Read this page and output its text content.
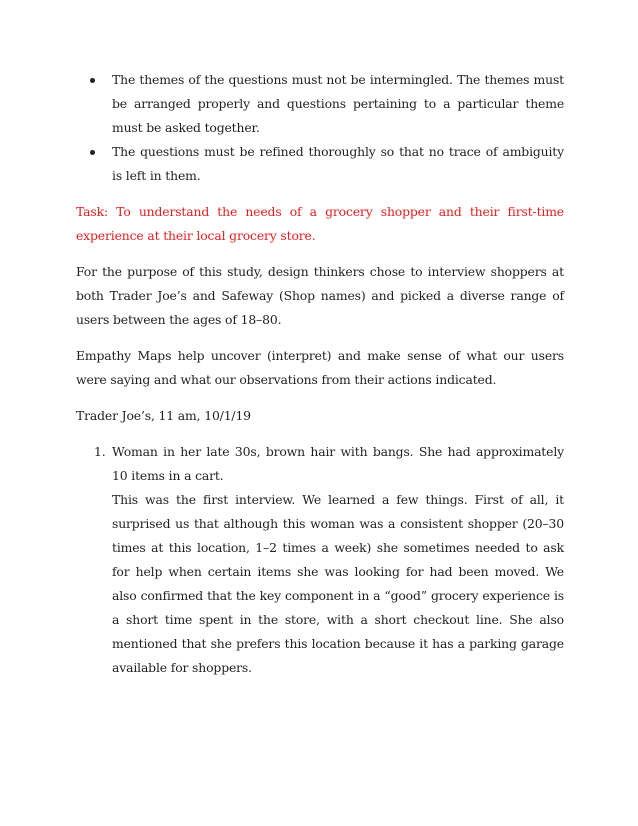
The themes of the questions must not be intermingled. The themes must be arranged properly and questions pertaining to a particular theme must be asked together.
The questions must be refined thoroughly so that no trace of ambiguity is left in them.

Task: To understand the needs of a grocery shopper and their first-time experience at their local grocery store.

For the purpose of this study, design thinkers chose to interview shoppers at both Trader Joe’s and Safeway (Shop names) and picked a diverse range of users between the ages of 18–80.

Empathy Maps help uncover (interpret) and make sense of what our users were saying and what our observations from their actions indicated.

Trader Joe’s, 11 am, 10/1/19

1. Woman in her late 30s, brown hair with bangs. She had approximately 10 items in a cart.

This was the first interview. We learned a few things. First of all, it surprised us that although this woman was a consistent shopper (20–30 times at this location, 1–2 times a week) she sometimes needed to ask for help when certain items she was looking for had been moved. We also confirmed that the key component in a “good” grocery experience is a short time spent in the store, with a short checkout line. She also mentioned that she prefers this location because it has a parking garage available for shoppers.
